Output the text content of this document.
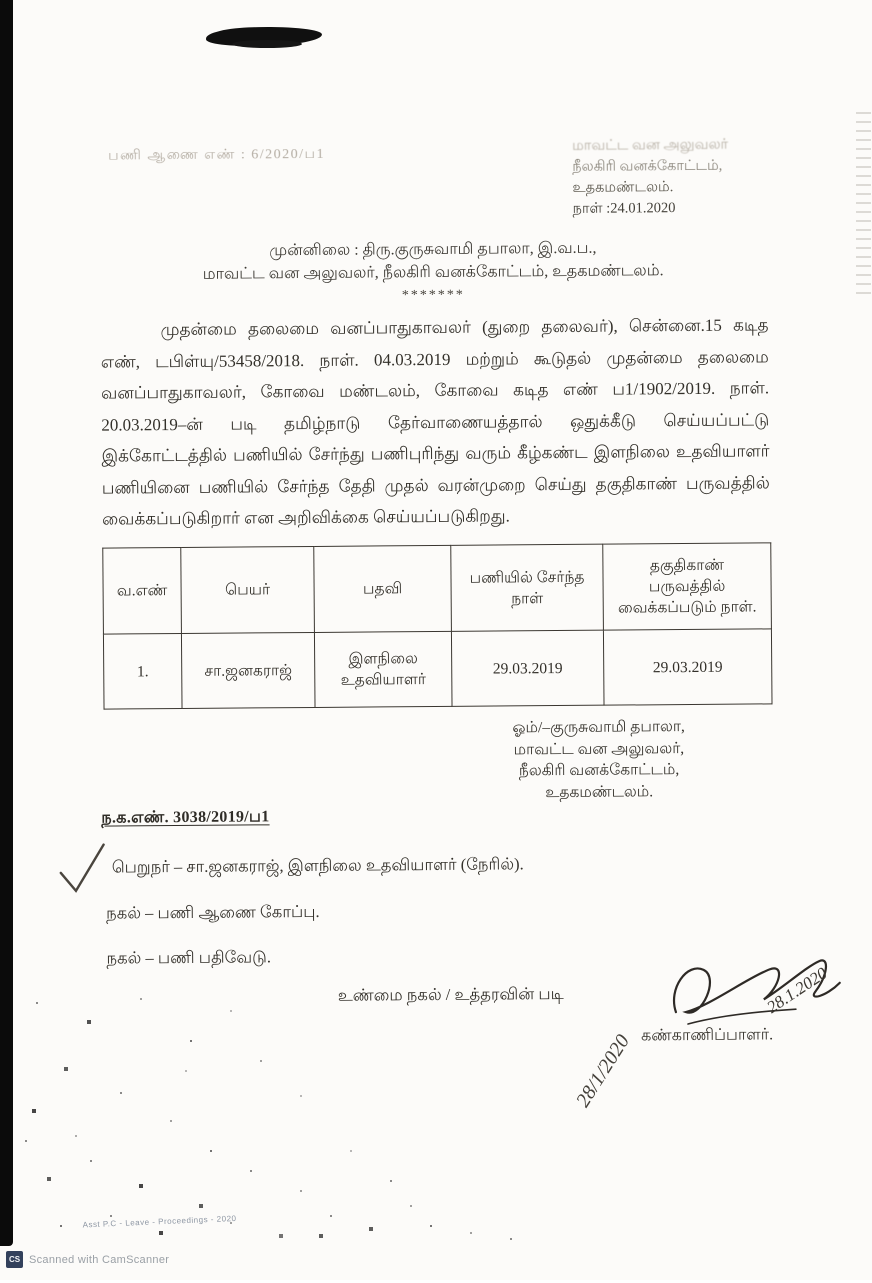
பணி ஆணை எண் : 6/2020/ப1
மாவட்ட வன அலுவலர்
நீலகிரி வனக்கோட்டம்,
உதகமண்டலம்.
நாள் :24.01.2020
முன்னிலை : திரு.குருசுவாமி தபாலா, இ.வ.ப.,
மாவட்ட வன அலுவலர், நீலகிரி வனக்கோட்டம், உதகமண்டலம்.
*******
முதன்மை தலைமை வனப்பாதுகாவலர் (துறை தலைவர்), சென்னை.15 கடித எண், டபிள்யு/53458/2018. நாள். 04.03.2019 மற்றும் கூடுதல் முதன்மை தலைமை வனப்பாதுகாவலர், கோவை மண்டலம், கோவை கடித எண் ப1/1902/2019. நாள். 20.03.2019–ன் படி தமிழ்நாடு தேர்வாணையத்தால் ஒதுக்கீடு செய்யப்பட்டு இக்கோட்டத்தில் பணியில் சேர்ந்து பணிபுரிந்து வரும் கீழ்கண்ட இளநிலை உதவியாளர் பணியினை பணியில் சேர்ந்த தேதி முதல் வரன்முறை செய்து தகுதிகாண் பருவத்தில் வைக்கப்படுகிறார் என அறிவிக்கை செய்யப்படுகிறது.
வ.எண்	பெயர்	பதவி	பணியில் சேர்ந்த நாள்	தகுதிகாண் பருவத்தில் வைக்கப்படும் நாள்.
1.	சா.ஜனகராஜ்	இளநிலை உதவியாளர்	29.03.2019	29.03.2019
ஓம்/–குருசுவாமி தபாலா,
மாவட்ட வன அலுவலர்,
நீலகிரி வனக்கோட்டம்,
உதகமண்டலம்.
ந.க.எண். 3038/2019/ப1
பெறுநர் – சா.ஜனகராஜ், இளநிலை உதவியாளர் (நேரில்).
நகல் – பணி ஆணை கோப்பு.
நகல் – பணி பதிவேடு.
உண்மை நகல் / உத்தரவின் படி	28.1.2020
கண்காணிப்பாளர்.
28/1/2020
Asst P.C - Leave - Proceedings - 2020
CS Scanned with CamScanner
